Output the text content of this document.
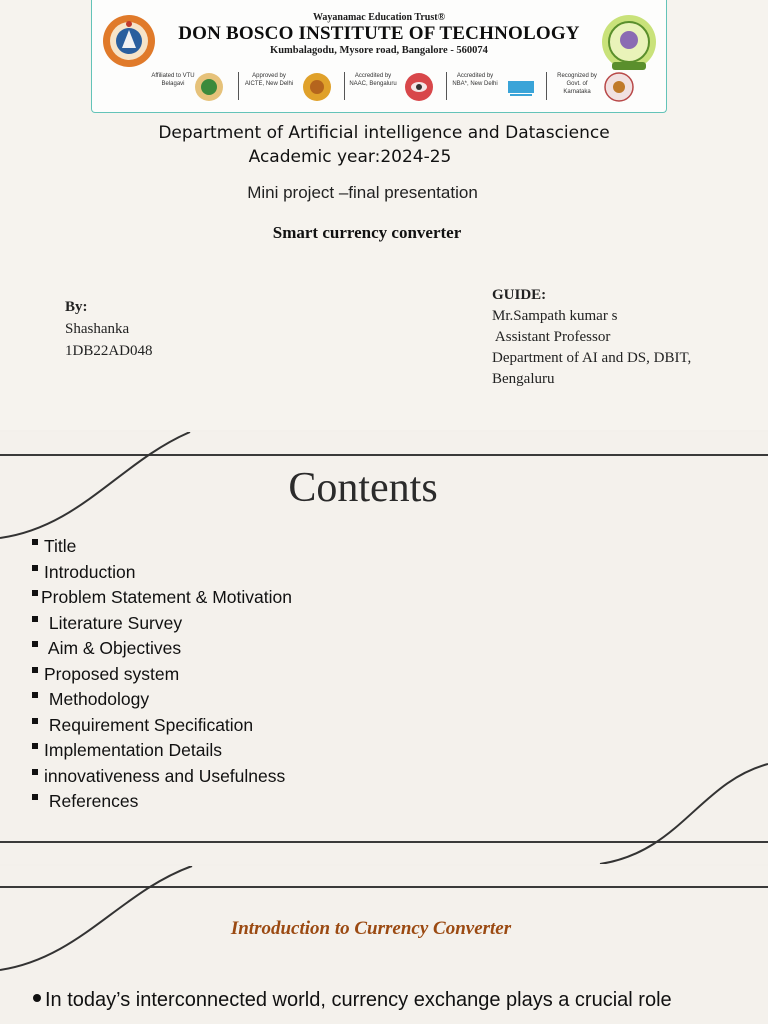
Wayanamac Education Trust®
DON BOSCO INSTITUTE OF TECHNOLOGY
Kumbalagodu, Mysore road, Bangalore - 560074
Affiliated to VTU Belagavi
Approved by AICTE, New Delhi
Accredited by NAAC, Bengaluru
Accredited by NBA*, New Delhi
Recognized by Govt. of Karnataka
Department of Artificial intelligence and Datascience
Academic year:2024-25
Mini project –final presentation
Smart currency converter
By:
Shashanka
1DB22AD048
GUIDE:
Mr.Sampath kumar s
Assistant Professor
Department of AI and DS, DBIT,
Bengaluru
Contents
Title
Introduction
Problem Statement & Motivation
Literature Survey
Aim & Objectives
Proposed system
Methodology
Requirement Specification
Implementation Details
innovativeness and Usefulness
References
Introduction to Currency Converter
In today’s interconnected world, currency exchange plays a crucial role
